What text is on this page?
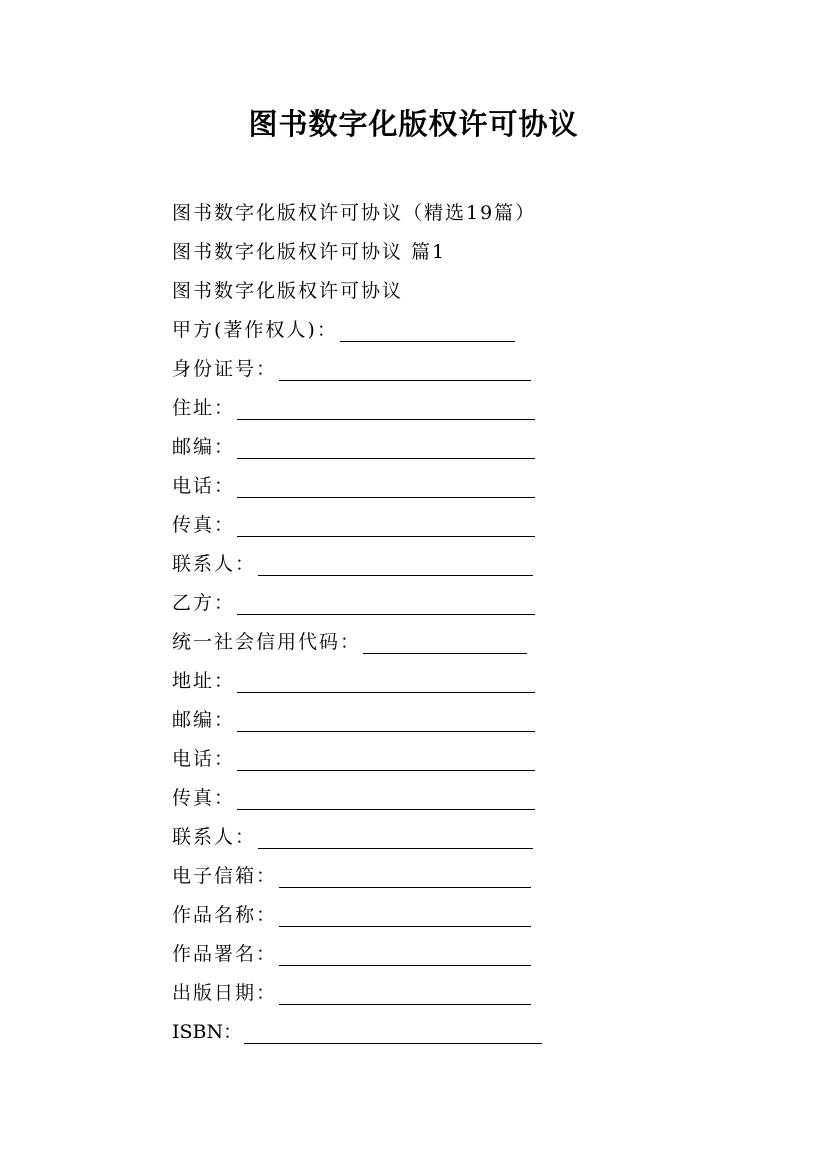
图书数字化版权许可协议
图书数字化版权许可协议（精选19篇）
图书数字化版权许可协议 篇1
图书数字化版权许可协议
甲方(著作权人)：
身份证号：
住址：
邮编：
电话：
传真：
联系人：
乙方：
统一社会信用代码：
地址：
邮编：
电话：
传真：
联系人：
电子信箱：
作品名称：
作品署名：
出版日期：
ISBN：
